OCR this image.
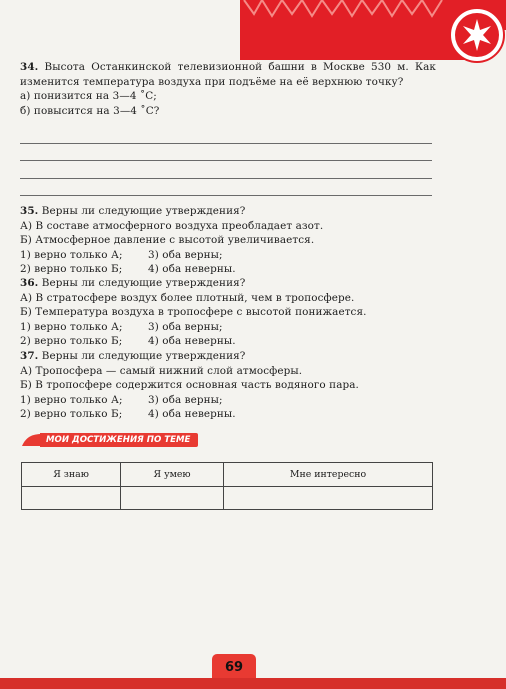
34. Высота Останкинской телевизионной башни в Москве 530 м. Как изменится температура воздуха при подъёме на её верхнюю точку?

а) понизится на 3—4 ˚С;

б) повысится на 3—4 ˚С?

35. Верны ли следующие утверждения?

А) В составе атмосферного воздуха преобладает азот.

Б) Атмосферное давление с высотой увеличивается.

1) верно только А;	3) оба верны;

2) верно только Б;	4) оба неверны.

36. Верны ли следующие утверждения?

А) В стратосфере воздух более плотный, чем в тропосфере.

Б) Температура воздуха в тропосфере с высотой понижается.

1) верно только А;	3) оба верны;

2) верно только Б;	4) оба неверны.

37. Верны ли следующие утверждения?

А) Тропосфера — самый нижний слой атмосферы.

Б) В тропосфере содержится основная часть водяного пара.

1) верно только А;	3) оба верны;

2) верно только Б;	4) оба неверны.

МОИ ДОСТИЖЕНИЯ ПО ТЕМЕ
Я знаю	Я умею	Мне интересно

69
